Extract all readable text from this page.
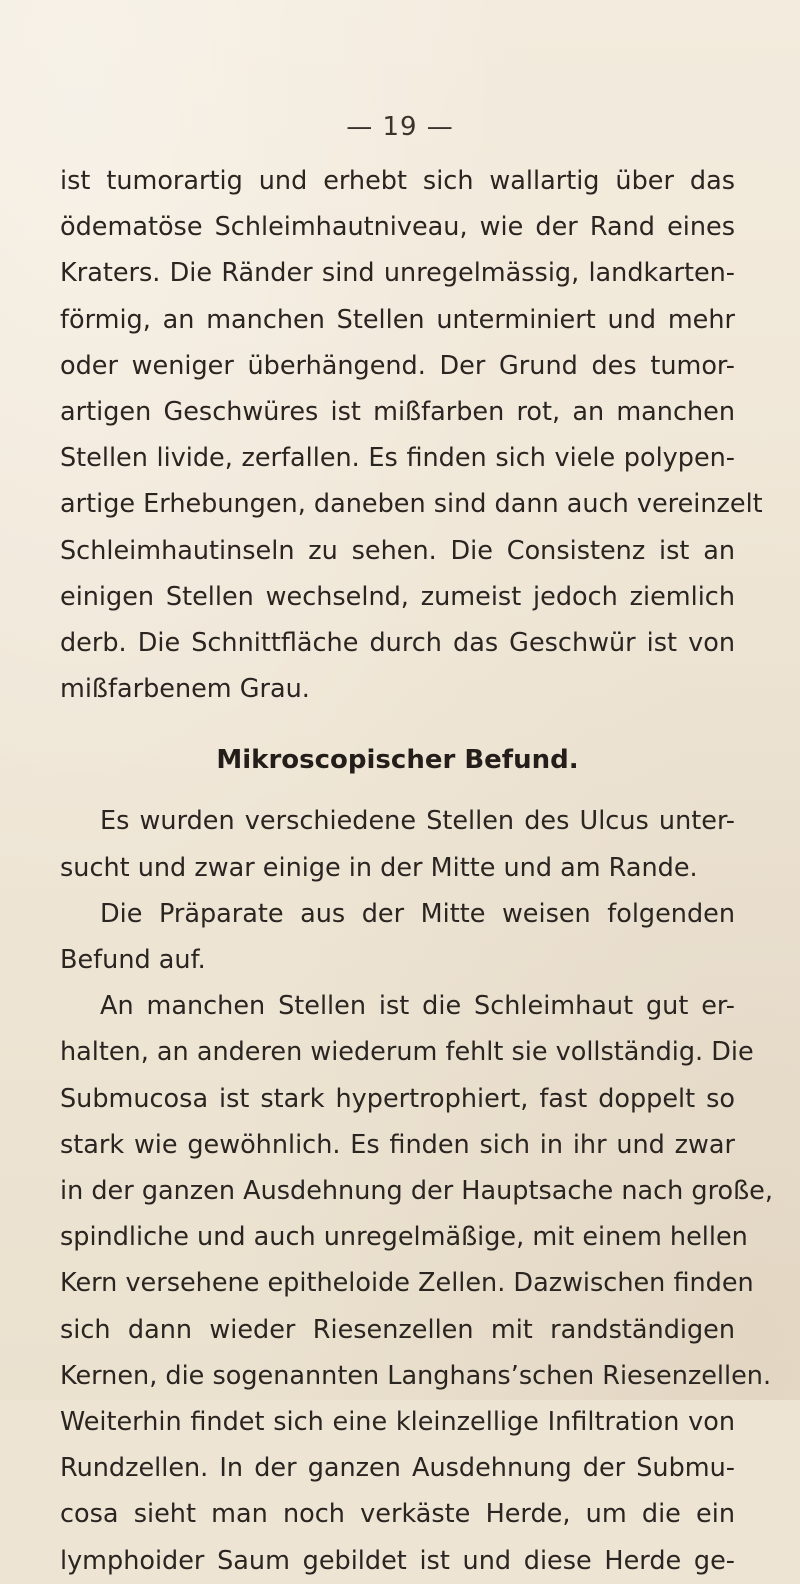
— 19 —
ist tumorartig und erhebt sich wallartig über das
ödematöse Schleimhautniveau, wie der Rand eines
Kraters. Die Ränder sind unregelmässig, landkarten-
förmig, an manchen Stellen unterminiert und mehr
oder weniger überhängend. Der Grund des tumor-
artigen Geschwüres ist mißfarben rot, an manchen
Stellen livide, zerfallen. Es finden sich viele polypen-
artige Erhebungen, daneben sind dann auch vereinzelt
Schleimhautinseln zu sehen. Die Consistenz ist an
einigen Stellen wechselnd, zumeist jedoch ziemlich
derb. Die Schnittfläche durch das Geschwür ist von
mißfarbenem Grau.
Mikroscopischer Befund.
Es wurden verschiedene Stellen des Ulcus unter-
sucht und zwar einige in der Mitte und am Rande.
Die Präparate aus der Mitte weisen folgenden
Befund auf.
An manchen Stellen ist die Schleimhaut gut er-
halten, an anderen wiederum fehlt sie vollständig. Die
Submucosa ist stark hypertrophiert, fast doppelt so
stark wie gewöhnlich. Es finden sich in ihr und zwar
in der ganzen Ausdehnung der Hauptsache nach große,
spindliche und auch unregelmäßige, mit einem hellen
Kern versehene epitheloide Zellen. Dazwischen finden
sich dann wieder Riesenzellen mit randständigen
Kernen, die sogenannten Langhans’schen Riesenzellen.
Weiterhin findet sich eine kleinzellige Infiltration von
Rundzellen. In der ganzen Ausdehnung der Submu-
cosa sieht man noch verkäste Herde, um die ein
lymphoider Saum gebildet ist und diese Herde ge-
